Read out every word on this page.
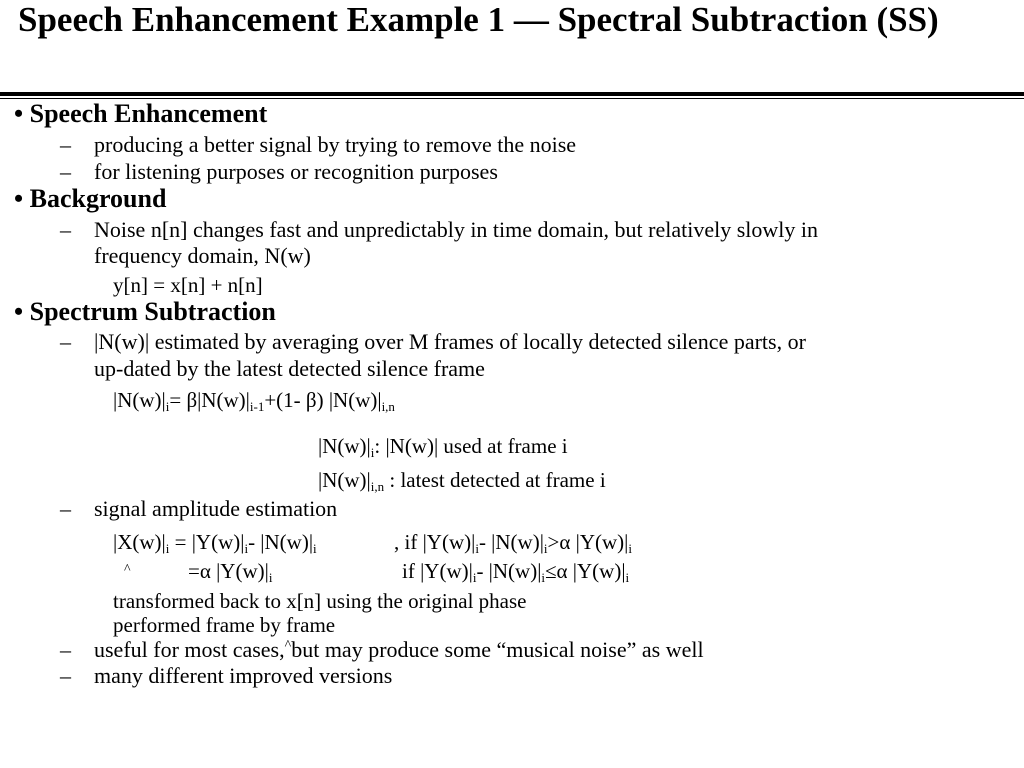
Speech Enhancement Example 1 — Spectral Subtraction (SS)
• Speech Enhancement
– producing a better signal by trying to remove the noise
– for listening purposes or recognition purposes
• Background
– Noise n[n] changes fast and unpredictably in time domain, but relatively slowly in
frequency domain, N(w)
y[n] = x[n] + n[n]
• Spectrum Subtraction
– |N(w)| estimated by averaging over M frames of locally detected silence parts, or
up-dated by the latest detected silence frame
$|N(w)|_i= \beta|N(w)|_{i-1}+(1-$ β) $|N(w)|_{i,n}$
$|N(w)|_i$: |N(w)| used at frame i
$|N(w)|_{i,n}$ : latest detected at frame i
– signal amplitude estimation
$|X(w)|_i = |Y(w)|_i-$ $|N(w)|_i$	, if $|Y(w)|_i-$ $|N(w)|_i>\alpha$ $|Y(w)|_i$
^	=α $|Y(w)|_i$	if $|Y(w)|_i-$ $|N(w)|_i\le\alpha$ $|Y(w)|_i$
transformed back to x[n] using the original phase
performed frame by frame
– useful for most cases,^but may produce some “musical noise” as well
– many different improved versions
